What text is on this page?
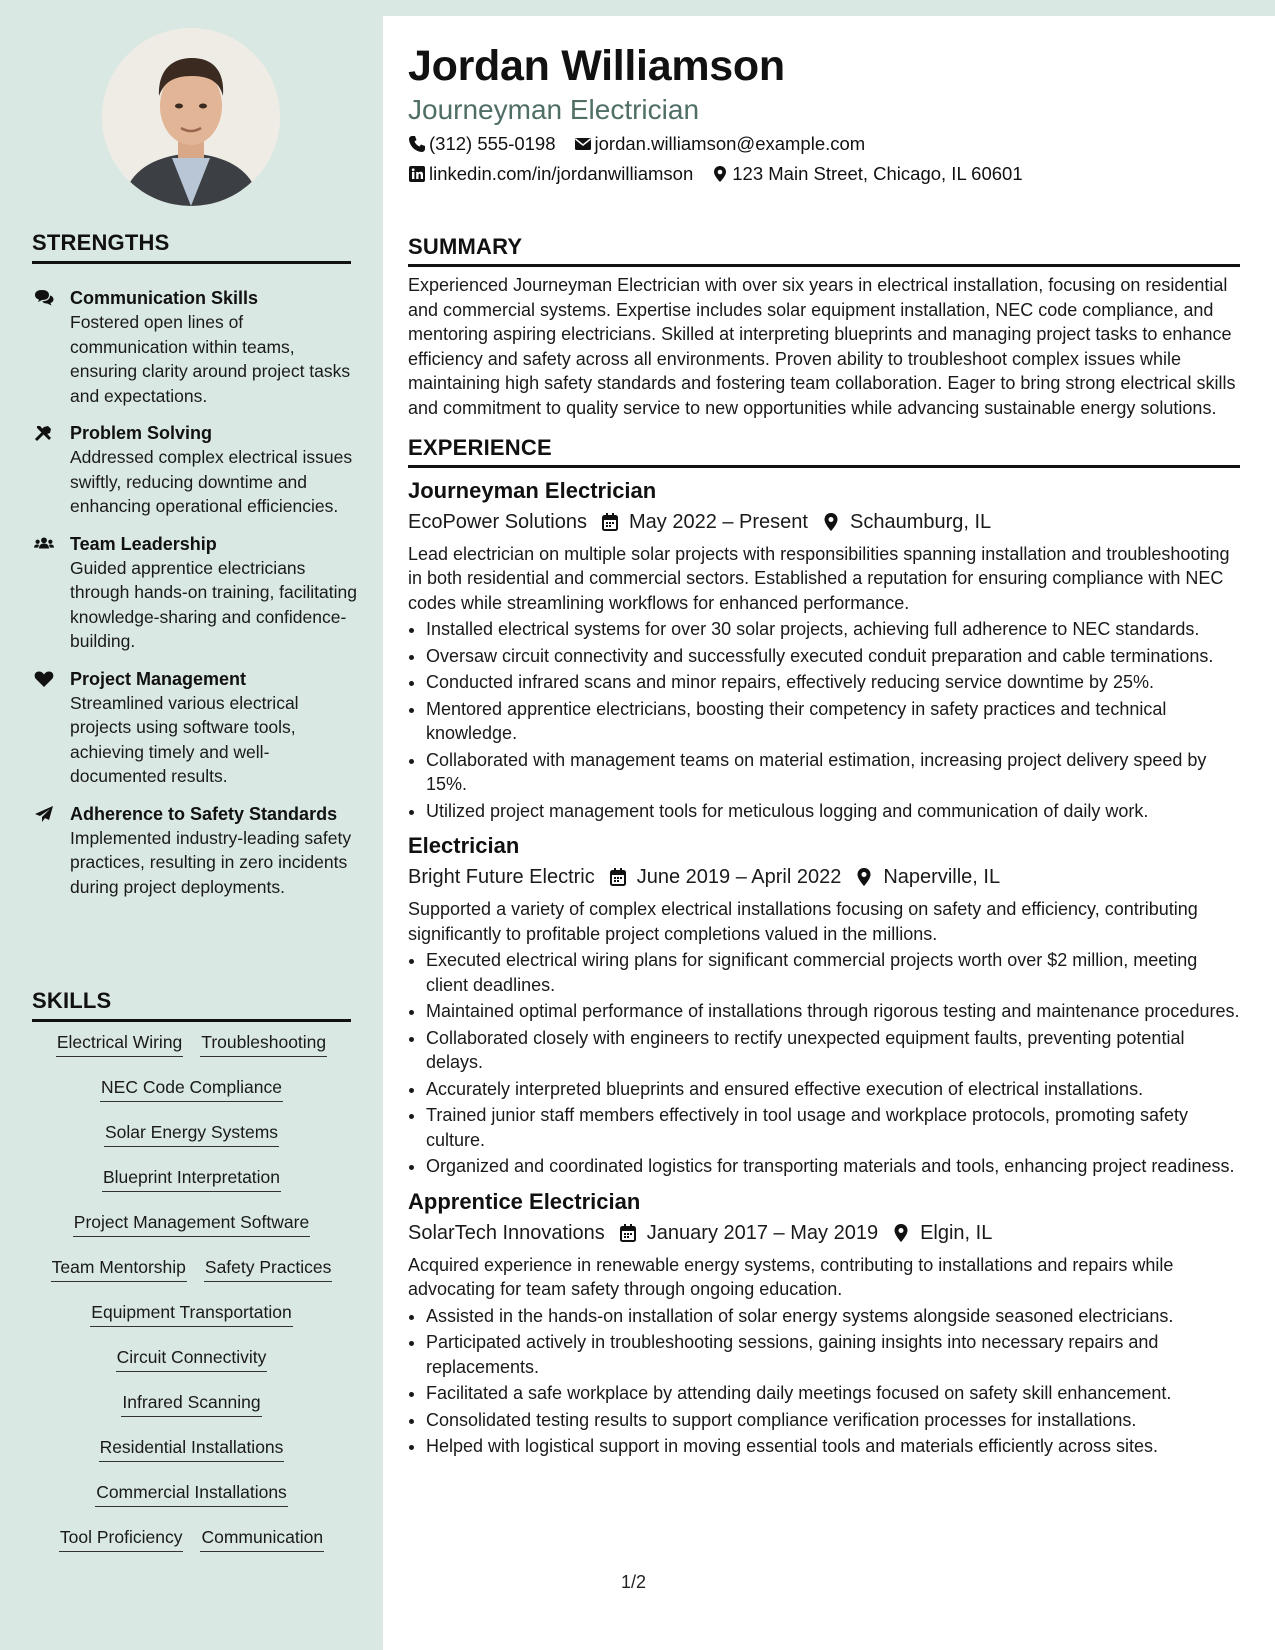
STRENGTHS
Communication Skills
Fostered open lines of communication within teams, ensuring clarity around project tasks and expectations.
Problem Solving
Addressed complex electrical issues swiftly, reducing downtime and enhancing operational efficiencies.
Team Leadership
Guided apprentice electricians through hands-on training, facilitating knowledge-sharing and confidence-building.
Project Management
Streamlined various electrical projects using software tools, achieving timely and well-documented results.
Adherence to Safety Standards
Implemented industry-leading safety practices, resulting in zero incidents during project deployments.
SKILLS
Electrical Wiring Troubleshooting
NEC Code Compliance
Solar Energy Systems
Blueprint Interpretation
Project Management Software
Team Mentorship Safety Practices
Equipment Transportation
Circuit Connectivity
Infrared Scanning
Residential Installations
Commercial Installations
Tool Proficiency Communication
Jordan Williamson
Journeyman Electrician
(312) 555-0198 jordan.williamson@example.com
linkedin.com/in/jordanwilliamson 123 Main Street, Chicago, IL 60601
SUMMARY
Experienced Journeyman Electrician with over six years in electrical installation, focusing on residential and commercial systems. Expertise includes solar equipment installation, NEC code compliance, and mentoring aspiring electricians. Skilled at interpreting blueprints and managing project tasks to enhance efficiency and safety across all environments. Proven ability to troubleshoot complex issues while maintaining high safety standards and fostering team collaboration. Eager to bring strong electrical skills and commitment to quality service to new opportunities while advancing sustainable energy solutions.
EXPERIENCE
Journeyman Electrician
EcoPower Solutions May 2022 – Present Schaumburg, IL
Lead electrician on multiple solar projects with responsibilities spanning installation and troubleshooting in both residential and commercial sectors. Established a reputation for ensuring compliance with NEC codes while streamlining workflows for enhanced performance.
• Installed electrical systems for over 30 solar projects, achieving full adherence to NEC standards.
• Oversaw circuit connectivity and successfully executed conduit preparation and cable terminations.
• Conducted infrared scans and minor repairs, effectively reducing service downtime by 25%.
• Mentored apprentice electricians, boosting their competency in safety practices and technical knowledge.
• Collaborated with management teams on material estimation, increasing project delivery speed by 15%.
• Utilized project management tools for meticulous logging and communication of daily work.
Electrician
Bright Future Electric June 2019 – April 2022 Naperville, IL
Supported a variety of complex electrical installations focusing on safety and efficiency, contributing significantly to profitable project completions valued in the millions.
• Executed electrical wiring plans for significant commercial projects worth over $2 million, meeting client deadlines.
• Maintained optimal performance of installations through rigorous testing and maintenance procedures.
• Collaborated closely with engineers to rectify unexpected equipment faults, preventing potential delays.
• Accurately interpreted blueprints and ensured effective execution of electrical installations.
• Trained junior staff members effectively in tool usage and workplace protocols, promoting safety culture.
• Organized and coordinated logistics for transporting materials and tools, enhancing project readiness.
Apprentice Electrician
SolarTech Innovations January 2017 – May 2019 Elgin, IL
Acquired experience in renewable energy systems, contributing to installations and repairs while advocating for team safety through ongoing education.
• Assisted in the hands-on installation of solar energy systems alongside seasoned electricians.
• Participated actively in troubleshooting sessions, gaining insights into necessary repairs and replacements.
• Facilitated a safe workplace by attending daily meetings focused on safety skill enhancement.
• Consolidated testing results to support compliance verification processes for installations.
• Helped with logistical support in moving essential tools and materials efficiently across sites.
1/2
